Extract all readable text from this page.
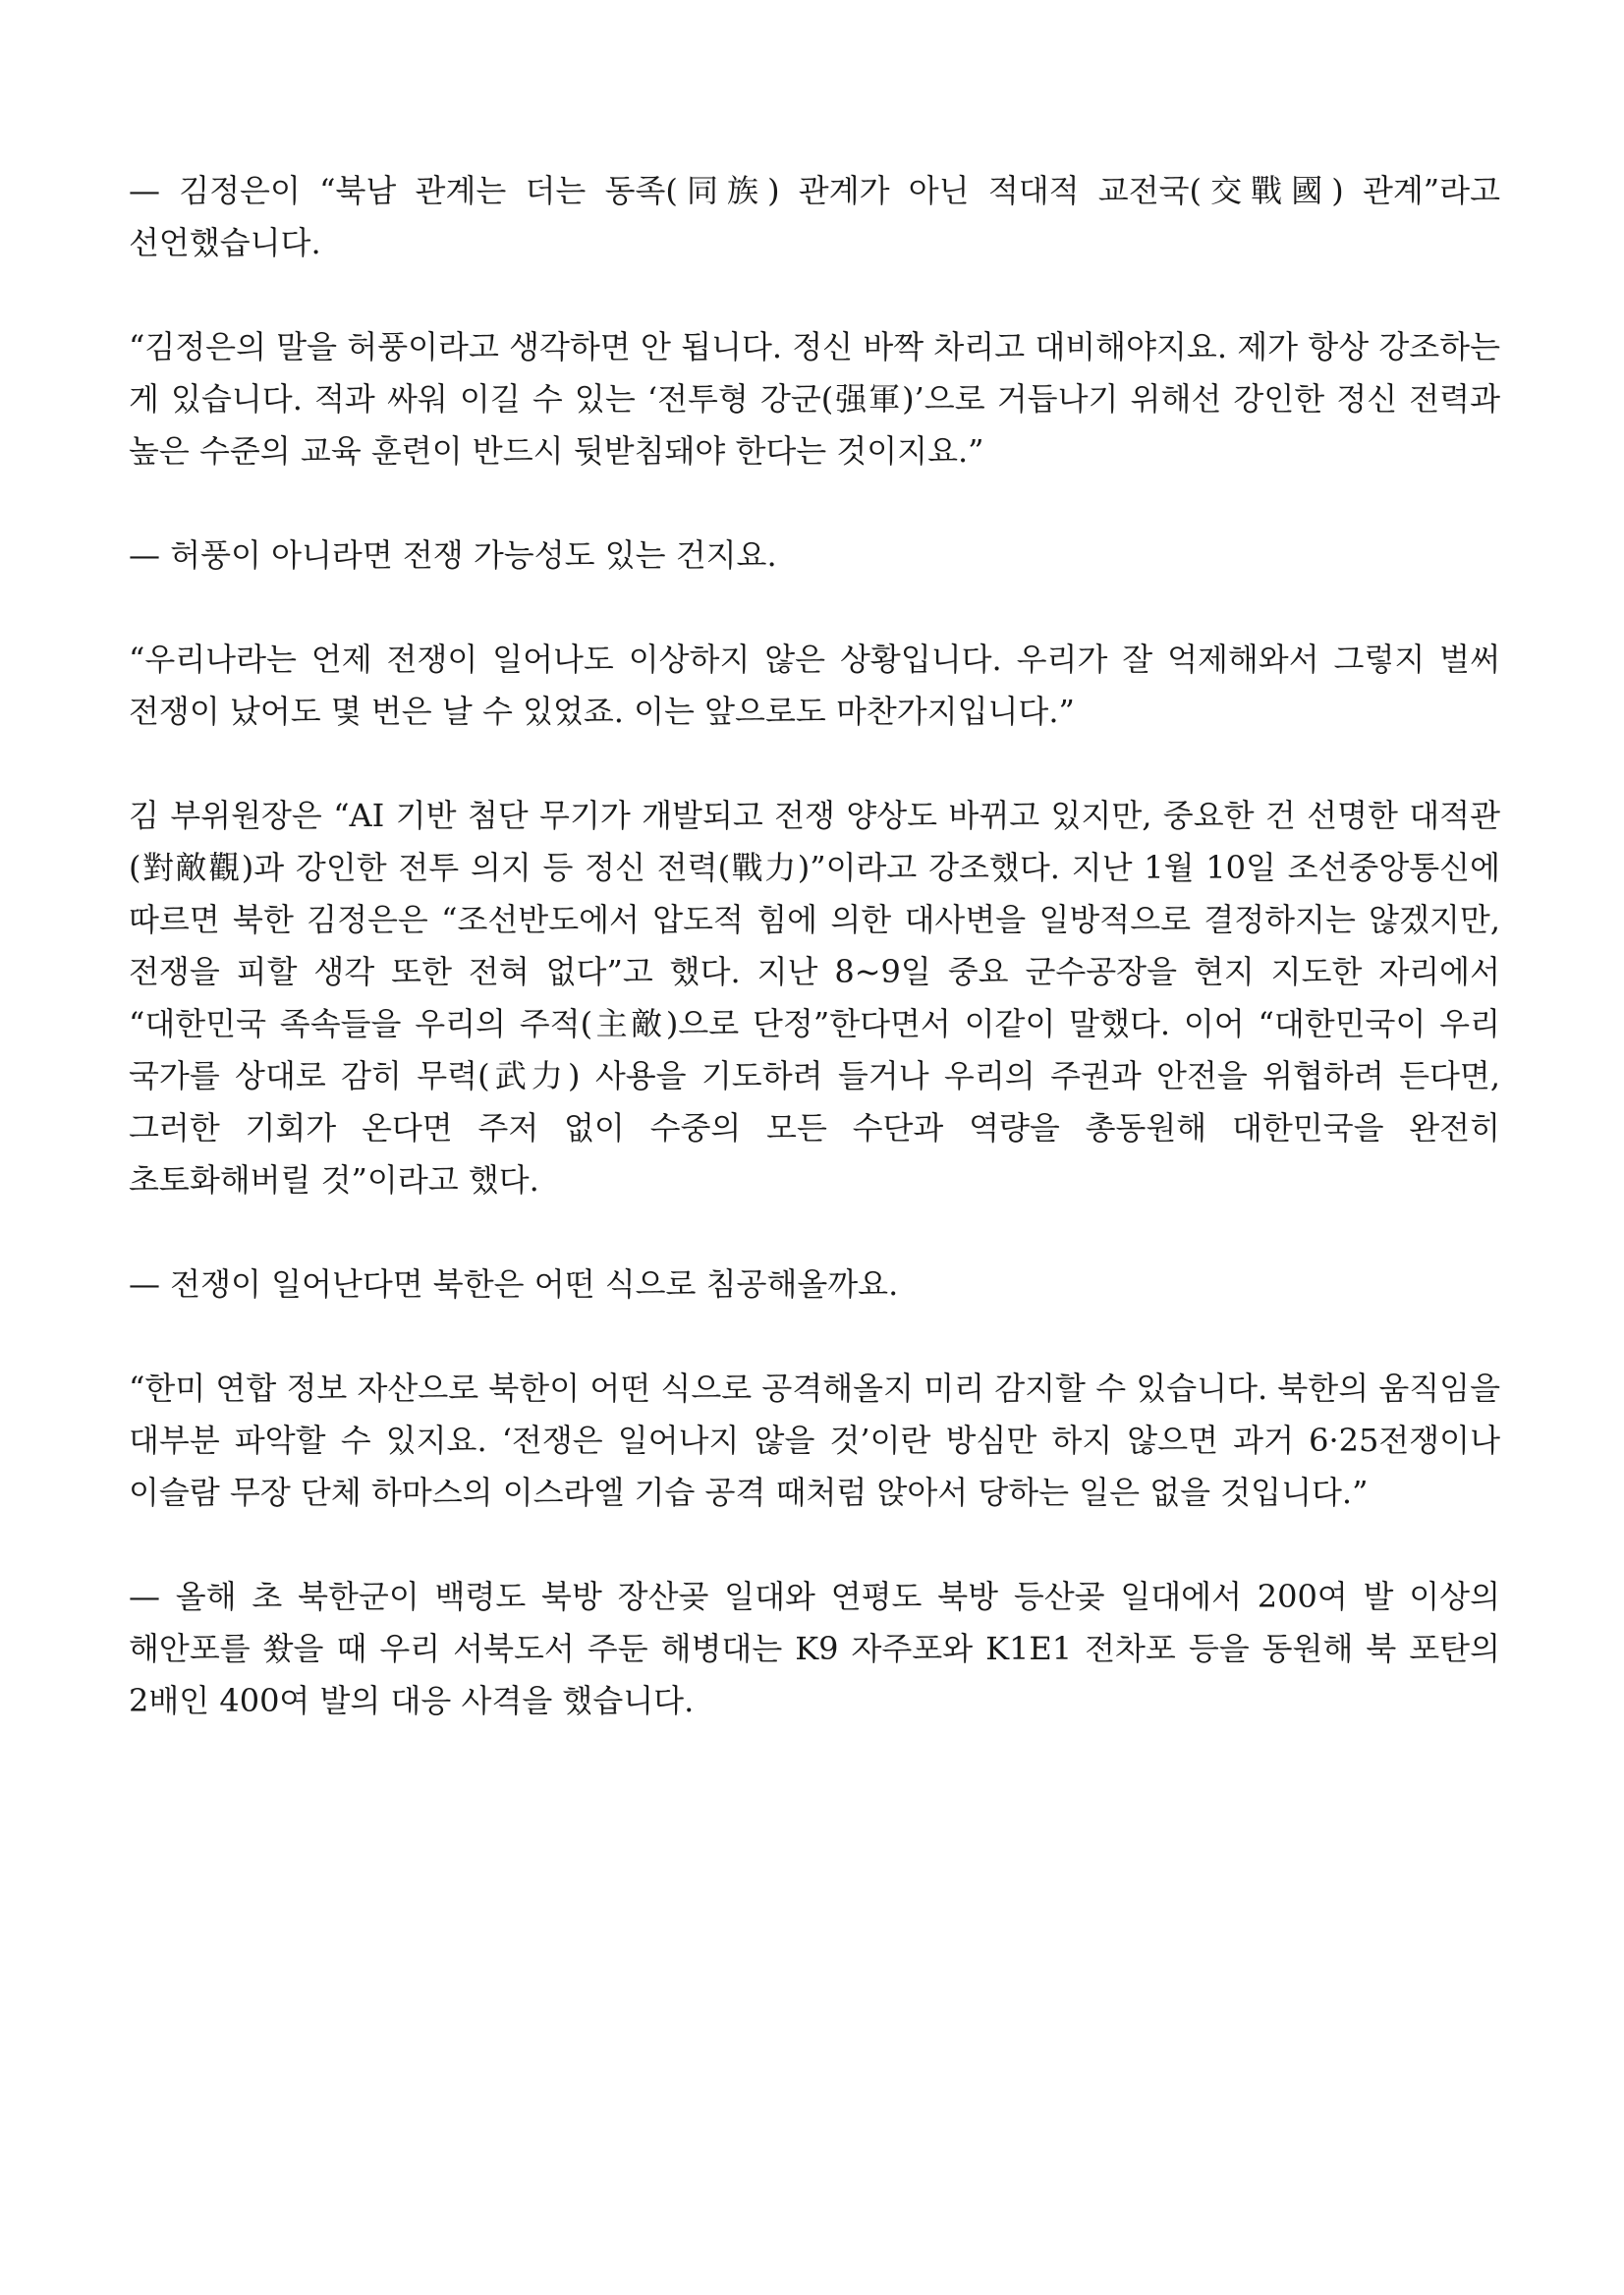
— 김정은이 “북남 관계는 더는 동족(同族) 관계가 아닌 적대적 교전국(交戰國) 관계”라고 선언했습니다.

“김정은의 말을 허풍이라고 생각하면 안 됩니다. 정신 바짝 차리고 대비해야지요. 제가 항상 강조하는 게 있습니다. 적과 싸워 이길 수 있는 ‘전투형 강군(强軍)’으로 거듭나기 위해선 강인한 정신 전력과 높은 수준의 교육 훈련이 반드시 뒷받침돼야 한다는 것이지요.”

— 허풍이 아니라면 전쟁 가능성도 있는 건지요.

“우리나라는 언제 전쟁이 일어나도 이상하지 않은 상황입니다. 우리가 잘 억제해와서 그렇지 벌써 전쟁이 났어도 몇 번은 날 수 있었죠. 이는 앞으로도 마찬가지입니다.”

김 부위원장은 “AI 기반 첨단 무기가 개발되고 전쟁 양상도 바뀌고 있지만, 중요한 건 선명한 대적관(對敵觀)과 강인한 전투 의지 등 정신 전력(戰力)”이라고 강조했다. 지난 1월 10일 조선중앙통신에 따르면 북한 김정은은 “조선반도에서 압도적 힘에 의한 대사변을 일방적으로 결정하지는 않겠지만, 전쟁을 피할 생각 또한 전혀 없다”고 했다. 지난 8~9일 중요 군수공장을 현지 지도한 자리에서 “대한민국 족속들을 우리의 주적(主敵)으로 단정”한다면서 이같이 말했다. 이어 “대한민국이 우리 국가를 상대로 감히 무력(武力) 사용을 기도하려 들거나 우리의 주권과 안전을 위협하려 든다면, 그러한 기회가 온다면 주저 없이 수중의 모든 수단과 역량을 총동원해 대한민국을 완전히 초토화해버릴 것”이라고 했다.

— 전쟁이 일어난다면 북한은 어떤 식으로 침공해올까요.

“한미 연합 정보 자산으로 북한이 어떤 식으로 공격해올지 미리 감지할 수 있습니다. 북한의 움직임을 대부분 파악할 수 있지요. ‘전쟁은 일어나지 않을 것’이란 방심만 하지 않으면 과거 6·25전쟁이나 이슬람 무장 단체 하마스의 이스라엘 기습 공격 때처럼 앉아서 당하는 일은 없을 것입니다.”

— 올해 초 북한군이 백령도 북방 장산곶 일대와 연평도 북방 등산곶 일대에서 200여 발 이상의 해안포를 쐈을 때 우리 서북도서 주둔 해병대는 K9 자주포와 K1E1 전차포 등을 동원해 북 포탄의 2배인 400여 발의 대응 사격을 했습니다.
